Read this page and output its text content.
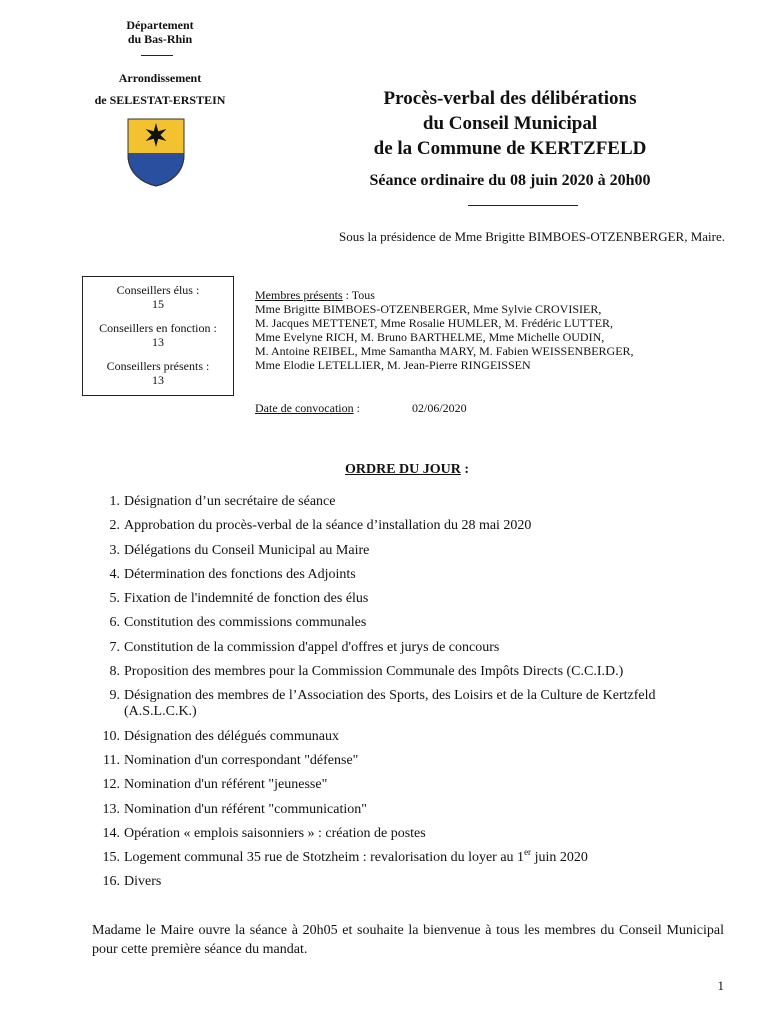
Département
du Bas-Rhin
Arrondissement
de SELESTAT-ERSTEIN	Procès-verbal des délibérations
du Conseil Municipal
de la Commune de KERTZFELD
Séance ordinaire du 08 juin 2020 à 20h00
Sous la présidence de Mme Brigitte BIMBOES-OTZENBERGER, Maire.
Conseillers élus :
15
Conseillers en fonction :
13
Conseillers présents :
13
Membres présents : Tous
Mme Brigitte BIMBOES-OTZENBERGER, Mme Sylvie CROVISIER,
M. Jacques METTENET, Mme Rosalie HUMLER, M. Frédéric LUTTER,
Mme Evelyne RICH, M. Bruno BARTHELME, Mme Michelle OUDIN,
M. Antoine REIBEL, Mme Samantha MARY, M. Fabien WEISSENBERGER,
Mme Elodie LETELLIER, M. Jean-Pierre RINGEISSEN
Date de convocation :	02/06/2020
ORDRE DU JOUR :
1. Désignation d’un secrétaire de séance
2. Approbation du procès-verbal de la séance d’installation du 28 mai 2020
3. Délégations du Conseil Municipal au Maire
4. Détermination des fonctions des Adjoints
5. Fixation de l'indemnité de fonction des élus
6. Constitution des commissions communales
7. Constitution de la commission d'appel d'offres et jurys de concours
8. Proposition des membres pour la Commission Communale des Impôts Directs (C.C.I.D.)
9. Désignation des membres de l’Association des Sports, des Loisirs et de la Culture de Kertzfeld (A.S.L.C.K.)
10. Désignation des délégués communaux
11. Nomination d'un correspondant "défense"
12. Nomination d'un référent "jeunesse"
13. Nomination d'un référent "communication"
14. Opération « emplois saisonniers » : création de postes
15. Logement communal 35 rue de Stotzheim : revalorisation du loyer au 1er juin 2020
16. Divers
Madame le Maire ouvre la séance à 20h05 et souhaite la bienvenue à tous les membres du Conseil Municipal pour cette première séance du mandat.
1
